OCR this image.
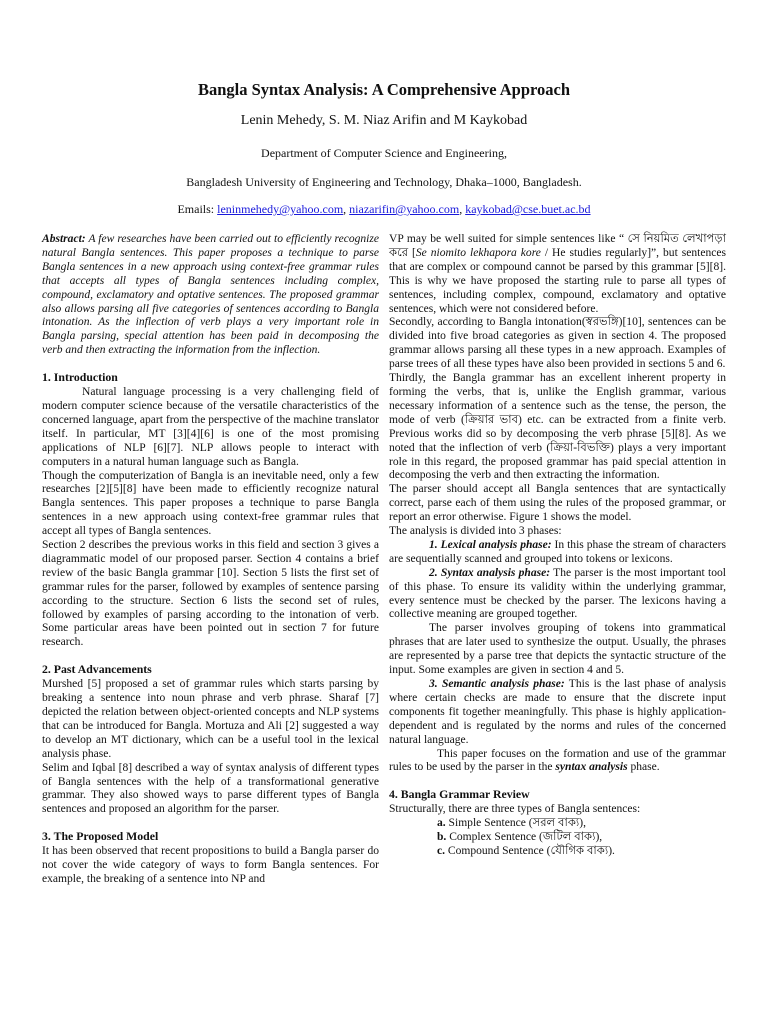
Bangla Syntax Analysis: A Comprehensive Approach
Lenin Mehedy, S. M. Niaz Arifin and M Kaykobad
Department of Computer Science and Engineering,
Bangladesh University of Engineering and Technology, Dhaka–1000, Bangladesh.
Emails: leninmehedy@yahoo.com, niazarifin@yahoo.com, kaykobad@cse.buet.ac.bd

Abstract: A few researches have been carried out to efficiently recognize natural Bangla sentences. This paper proposes a technique to parse Bangla sentences in a new approach using context-free grammar rules that accepts all types of Bangla sentences including complex, compound, exclamatory and optative sentences. The proposed grammar also allows parsing all five categories of sentences according to Bangla intonation. As the inflection of verb plays a very important role in Bangla parsing, special attention has been paid in decomposing the verb and then extracting the information from the inflection.

1. Introduction

Natural language processing is a very challenging field of modern computer science because of the versatile characteristics of the concerned language, apart from the perspective of the machine translator itself. In particular, MT [3][4][6] is one of the most promising applications of NLP [6][7]. NLP allows people to interact with computers in a natural human language such as Bangla.

Though the computerization of Bangla is an inevitable need, only a few researches [2][5][8] have been made to efficiently recognize natural Bangla sentences. This paper proposes a technique to parse Bangla sentences in a new approach using context-free grammar rules that accept all types of Bangla sentences.

Section 2 describes the previous works in this field and section 3 gives a diagrammatic model of our proposed parser. Section 4 contains a brief review of the basic Bangla grammar [10]. Section 5 lists the first set of grammar rules for the parser, followed by examples of sentence parsing according to the structure. Section 6 lists the second set of rules, followed by examples of parsing according to the intonation of verb. Some particular areas have been pointed out in section 7 for future research.

2. Past Advancements

Murshed [5] proposed a set of grammar rules which starts parsing by breaking a sentence into noun phrase and verb phrase. Sharaf [7] depicted the relation between object-oriented concepts and NLP systems that can be introduced for Bangla. Mortuza and Ali [2] suggested a way to develop an MT dictionary, which can be a useful tool in the lexical analysis phase.

Selim and Iqbal [8] described a way of syntax analysis of different types of Bangla sentences with the help of a transformational generative grammar. They also showed ways to parse different types of Bangla sentences and proposed an algorithm for the parser.

3. The Proposed Model

It has been observed that recent propositions to build a Bangla parser do not cover the wide category of ways to form Bangla sentences. For example, the breaking of a sentence into NP and

VP may be well suited for simple sentences like “ সে নিয়মিত লেখাপড়া করে [Se niomito lekhapora kore / He studies regularly]”, but sentences that are complex or compound cannot be parsed by this grammar [5][8]. This is why we have proposed the starting rule to parse all types of sentences, including complex, compound, exclamatory and optative sentences, which were not considered before.

Secondly, according to Bangla intonation(স্বরভঙ্গি)[10], sentences can be divided into five broad categories as given in section 4. The proposed grammar allows parsing all these types in a new approach. Examples of parse trees of all these types have also been provided in sections 5 and 6.

Thirdly, the Bangla grammar has an excellent inherent property in forming the verbs, that is, unlike the English grammar, various necessary information of a sentence such as the tense, the person, the mode of verb (ক্রিয়ার ভাব) etc. can be extracted from a finite verb. Previous works did so by decomposing the verb phrase [5][8]. As we noted that the inflection of verb (ক্রিয়া-বিভক্তি) plays a very important role in this regard, the proposed grammar has paid special attention in decomposing the verb and then extracting the information.

The parser should accept all Bangla sentences that are syntactically correct, parse each of them using the rules of the proposed grammar, or report an error otherwise. Figure 1 shows the model.

The analysis is divided into 3 phases:

1. Lexical analysis phase: In this phase the stream of characters are sequentially scanned and grouped into tokens or lexicons.

2. Syntax analysis phase: The parser is the most important tool of this phase. To ensure its validity within the underlying grammar, every sentence must be checked by the parser. The lexicons having a collective meaning are grouped together.

The parser involves grouping of tokens into grammatical phrases that are later used to synthesize the output. Usually, the phrases are represented by a parse tree that depicts the syntactic structure of the input. Some examples are given in section 4 and 5.

3. Semantic analysis phase: This is the last phase of analysis where certain checks are made to ensure that the discrete input components fit together meaningfully. This phase is highly application-dependent and is regulated by the norms and rules of the concerned natural language.

This paper focuses on the formation and use of the grammar rules to be used by the parser in the syntax analysis phase.

4. Bangla Grammar Review

Structurally, there are three types of Bangla sentences:

a. Simple Sentence (সরল বাক্য),

b. Complex Sentence (জটিল বাক্য),

c. Compound Sentence (যৌগিক বাক্য).
